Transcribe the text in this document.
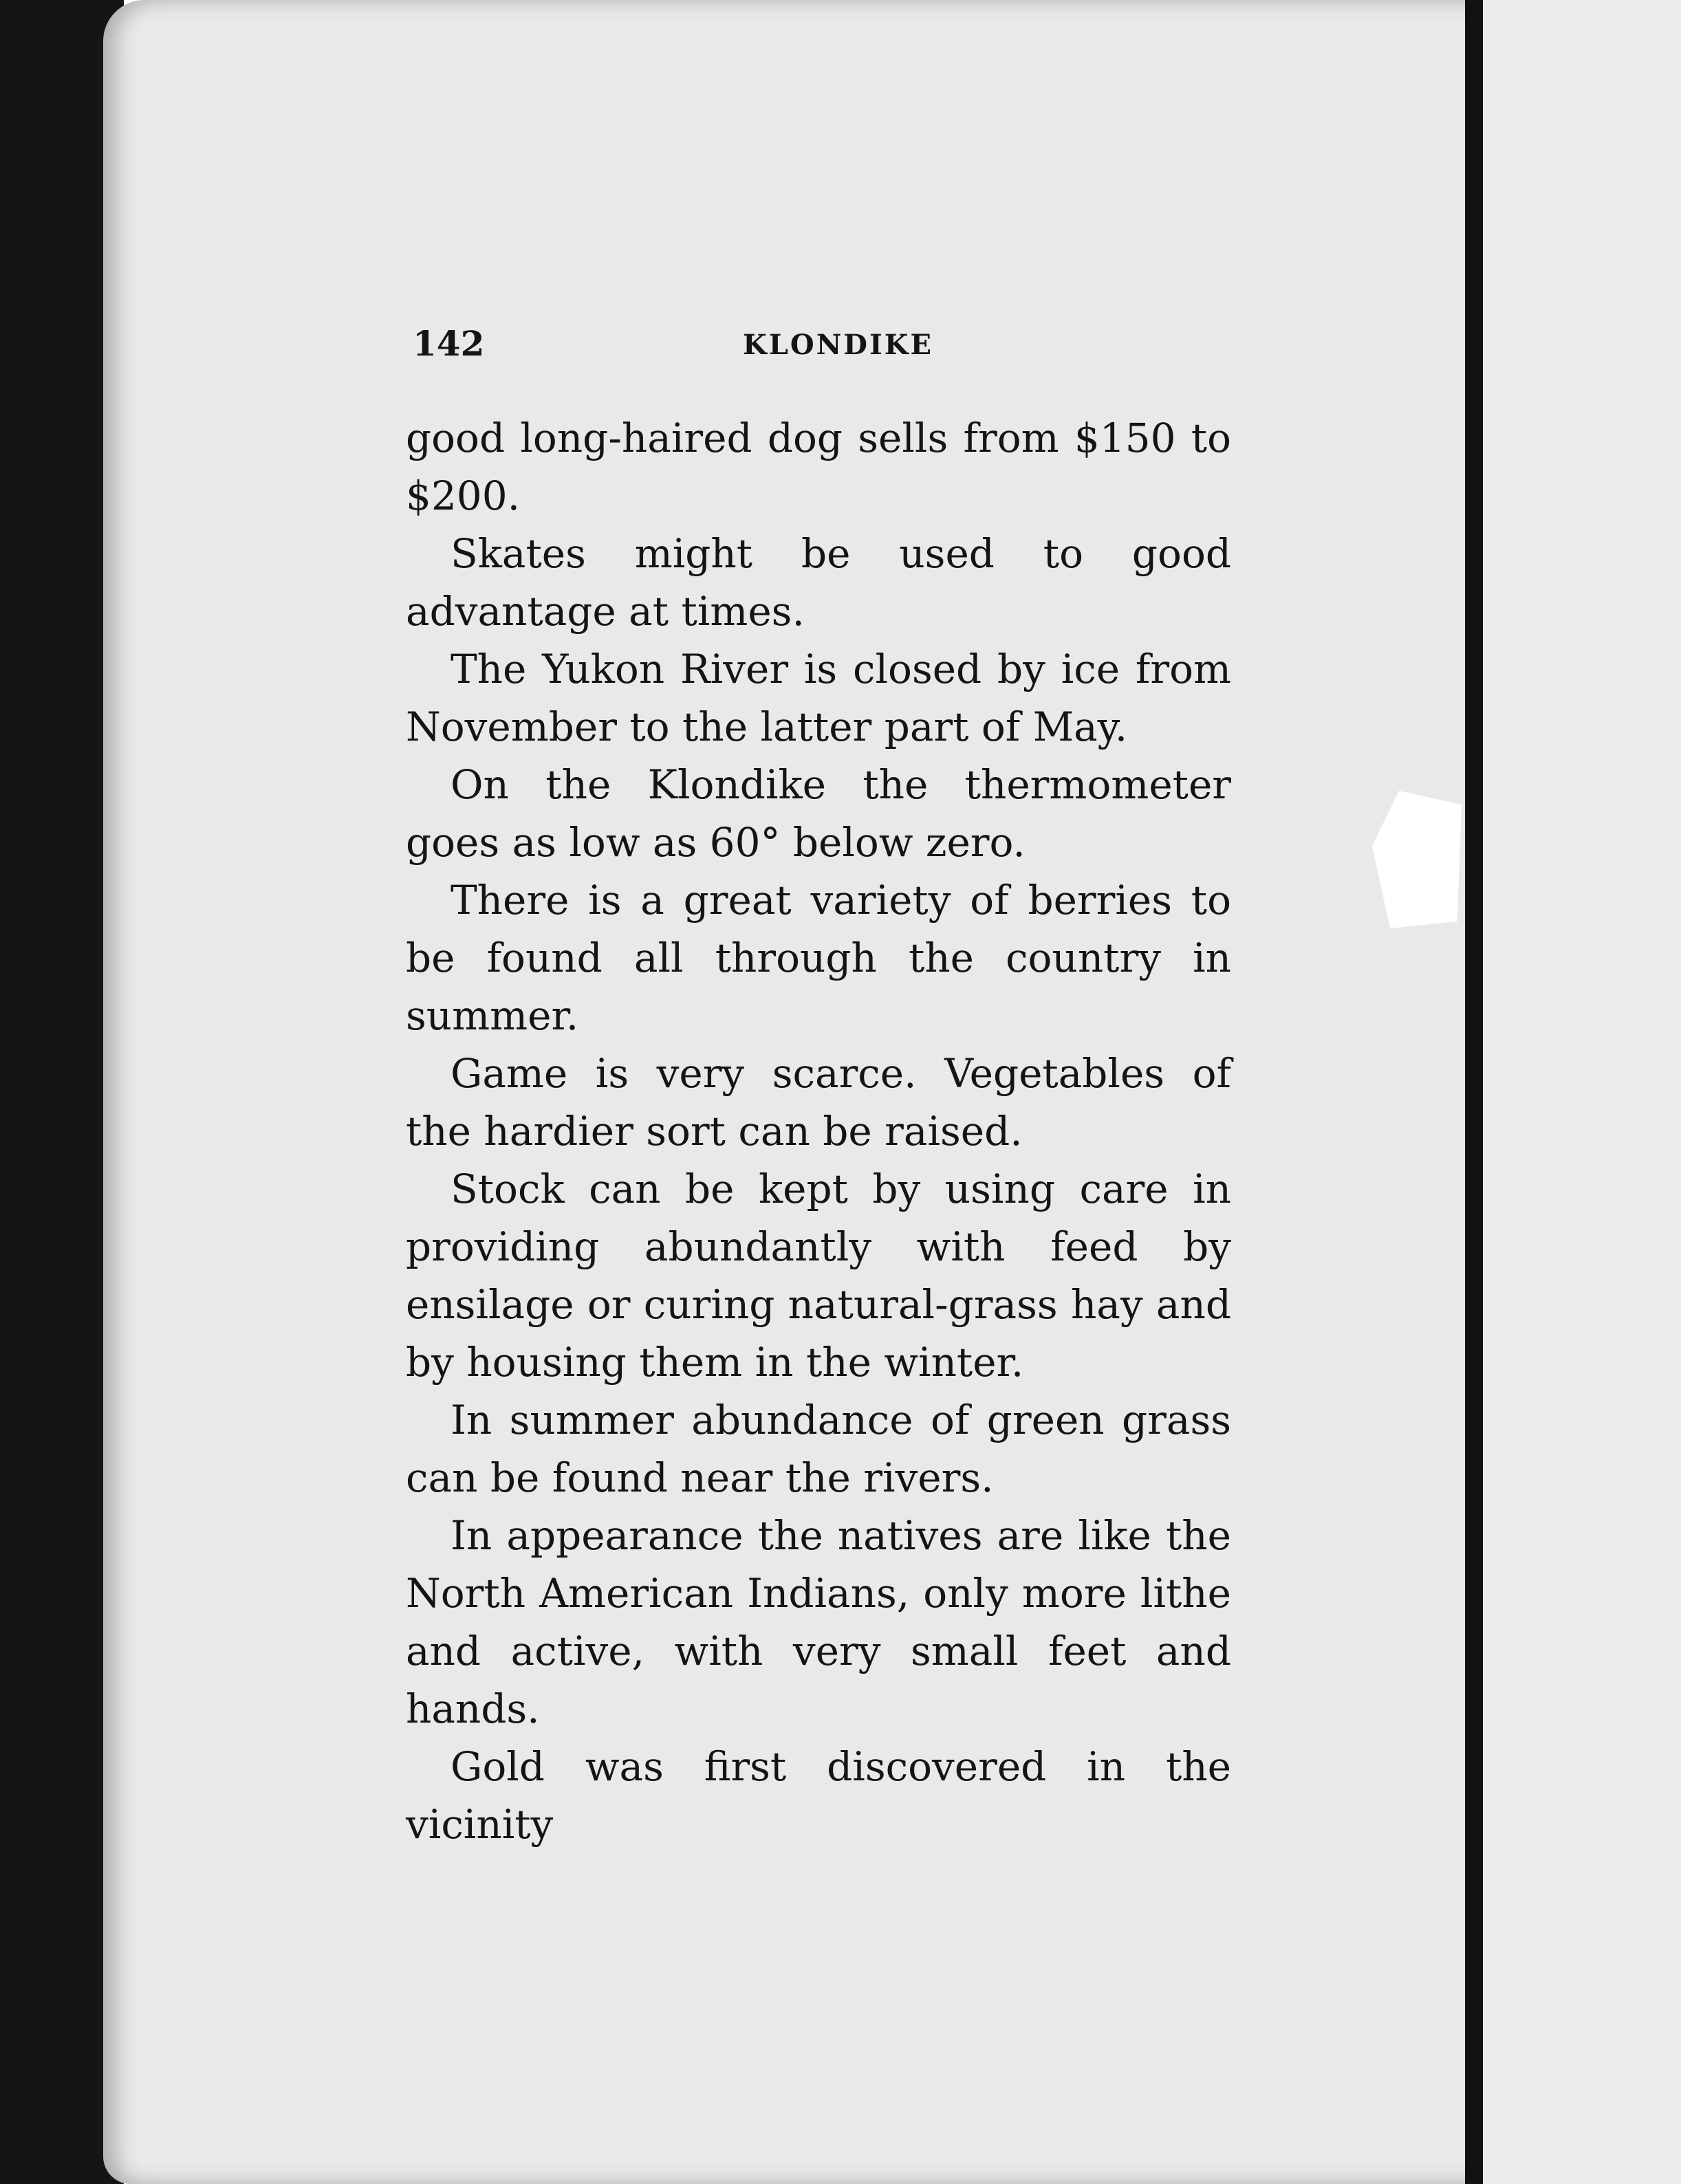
142	KLONDIKE

good long-haired dog sells from $150 to $200.

Skates might be used to good advantage at times.

The Yukon River is closed by ice from November to the latter part of May.

On the Klondike the thermometer goes as low as 60° below zero.

There is a great variety of berries to be found all through the country in summer.

Game is very scarce. Vegetables of the hardier sort can be raised.

Stock can be kept by using care in providing abundantly with feed by ensilage or curing natural-grass hay and by housing them in the winter.

In summer abundance of green grass can be found near the rivers.

In appearance the natives are like the North American Indians, only more lithe and active, with very small feet and hands.

Gold was first discovered in the vicinity
